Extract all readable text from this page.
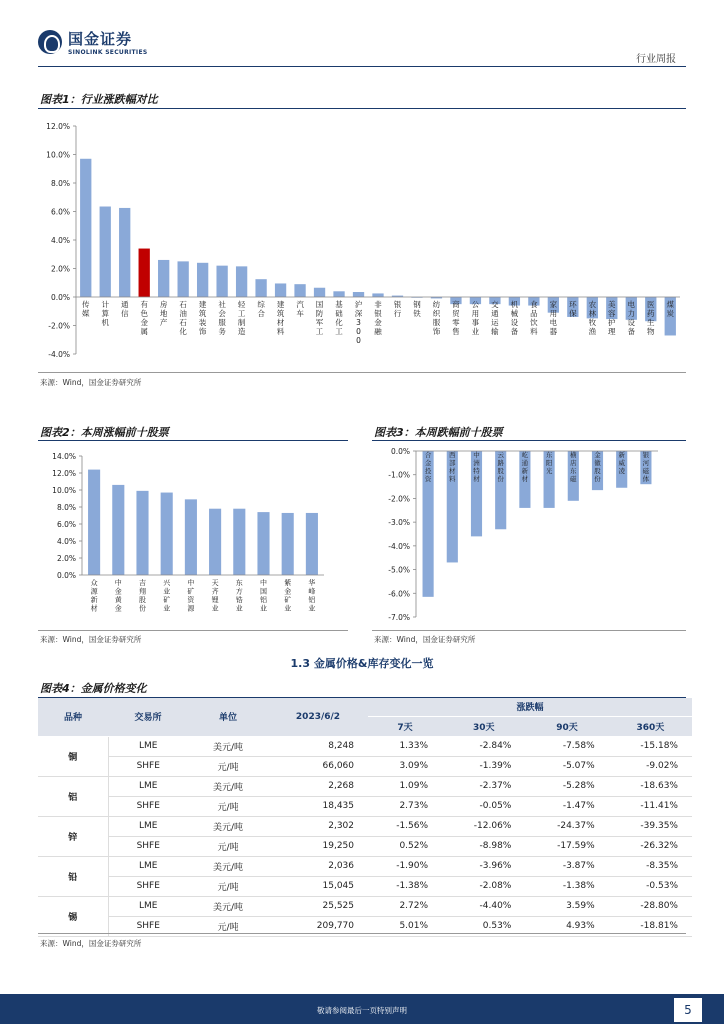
国金证券
SINOLINK SECURITIES
行业周报
图表1：行业涨跌幅对比
12.0%
10.0%
8.0%
6.0%
4.0%
2.0%
0.0%
-2.0%
-4.0%
传媒
计算机
通信
有色金属
房地产
石油石化
建筑装饰
社会服务
轻工制造
综合
建筑材料
汽车
国防军工
基础化工
沪深 3 0 0
非银金融
银行
钢铁
纺织服饰
商贸零售
公用事业
交通运输
机械设备
食品饮料
家用电器
环保
农林牧渔
美容护理
电力设备
医药生物
煤炭
来源：Wind，国金证券研究所
图表2：本周涨幅前十股票
14.0%
12.0%
10.0%
8.0%
6.0%
4.0%
2.0%
0.0%
众源新材
中金黄金
吉翔股份
兴业矿业
中矿资源
天齐锂业
东方锆业
中国铝业
紫金矿业
华峰铝业
来源：Wind，国金证券研究所
图表3：本周跌幅前十股票
0.0%
-1.0%
-2.0%
-3.0%
-4.0%
-5.0%
-6.0%
-7.0%
合金投资
西部材料
中洲特材
云路股份
屹通新材
东阳光
横店东磁
金徽股份
新威凌
银河磁体
来源：Wind，国金证券研究所
1.3 金属价格&库存变化一览
图表4：金属价格变化
品种	交易所	单位	2023/6/2	涨跌幅			
				7天	30天	90天	360天
铜	LME	美元/吨	8,248	1.33%	-2.84%	-7.58%	-15.18%
	SHFE	元/吨	66,060	3.09%	-1.39%	-5.07%	-9.02%
铝	LME	美元/吨	2,268	1.09%	-2.37%	-5.28%	-18.63%
	SHFE	元/吨	18,435	2.73%	-0.05%	-1.47%	-11.41%
锌	LME	美元/吨	2,302	-1.56%	-12.06%	-24.37%	-39.35%
	SHFE	元/吨	19,250	0.52%	-8.98%	-17.59%	-26.32%
铅	LME	美元/吨	2,036	-1.90%	-3.96%	-3.87%	-8.35%
	SHFE	元/吨	15,045	-1.38%	-2.08%	-1.38%	-0.53%
锡	LME	美元/吨	25,525	2.72%	-4.40%	3.59%	-28.80%
	SHFE	元/吨	209,770	5.01%	0.53%	4.93%	-18.81%
来源：Wind，国金证券研究所
敬请参阅最后一页特别声明	5
